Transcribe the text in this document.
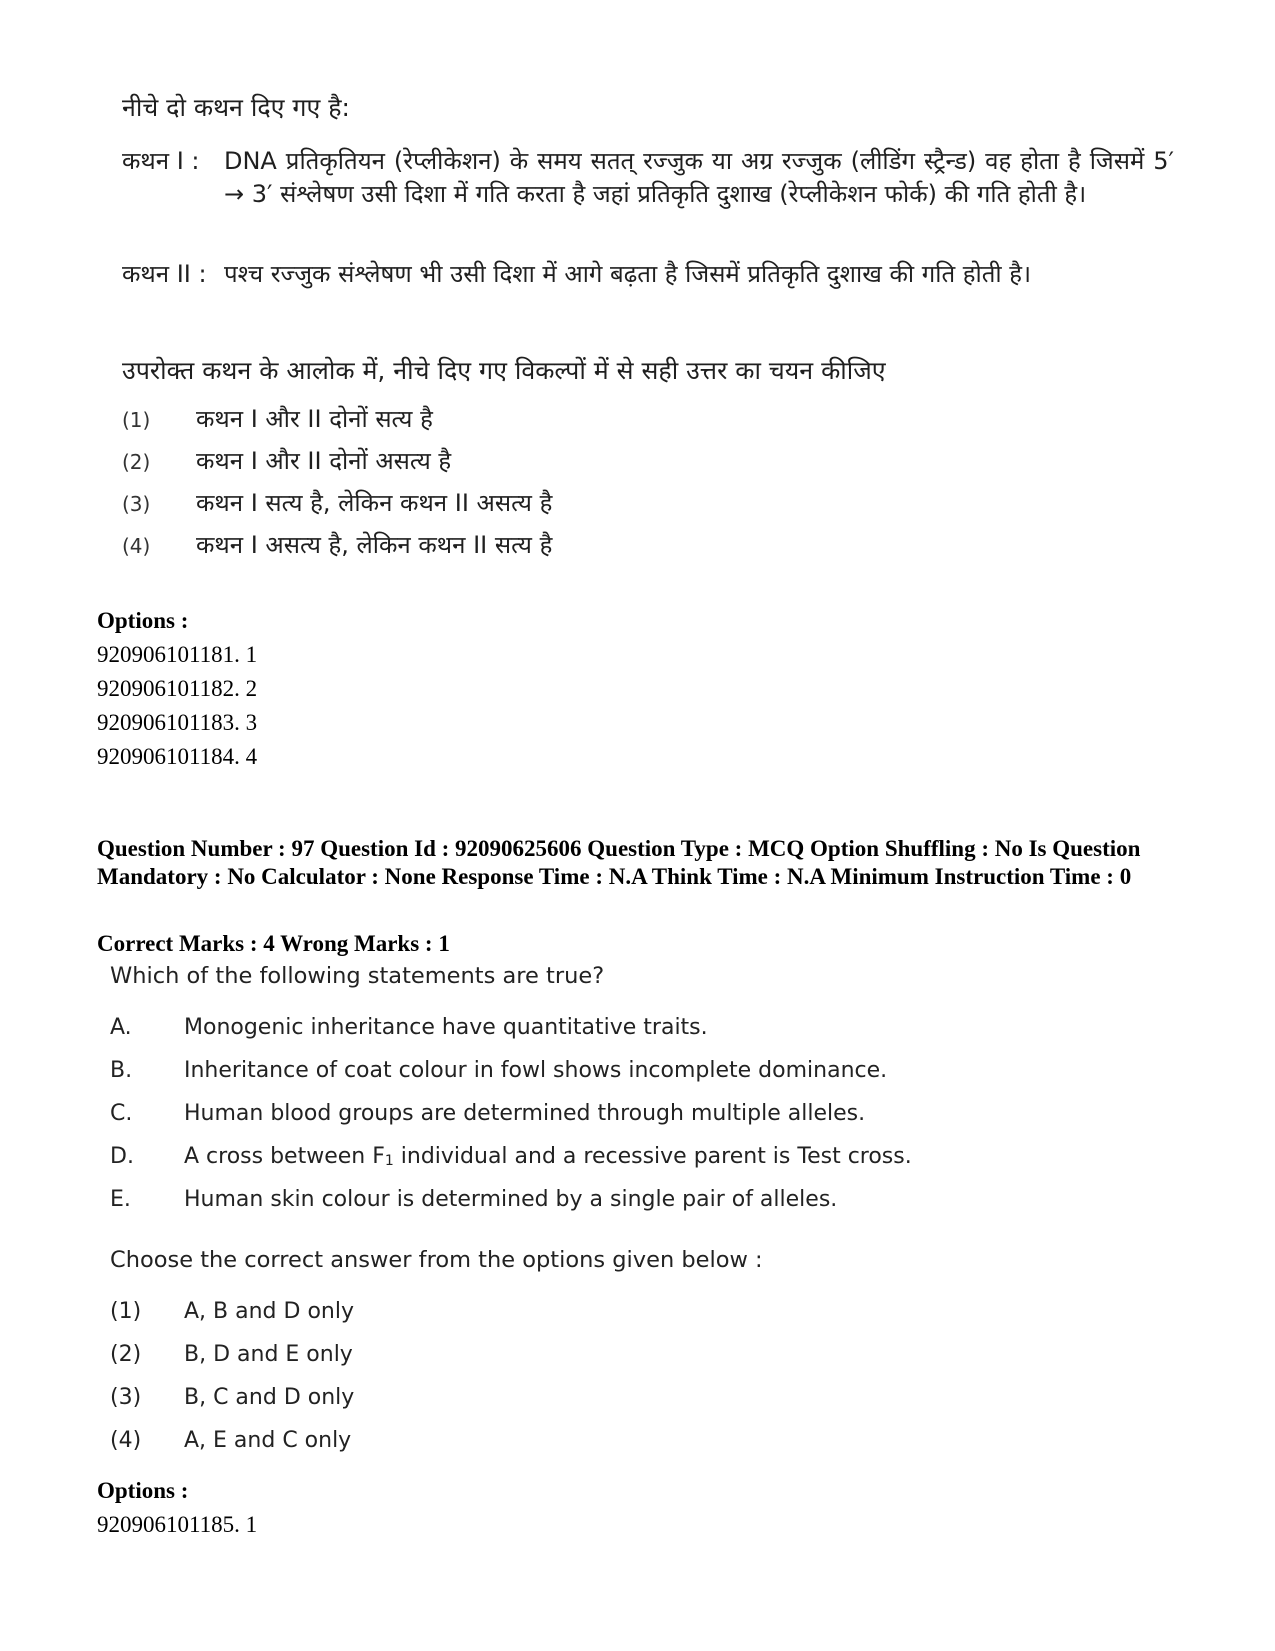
नीचे दो कथन दिए गए है:
कथन I : DNA प्रतिकृतियन (रेप्लीकेशन) के समय सतत् रज्जुक या अग्र रज्जुक (लीडिंग स्ट्रैन्ड) वह होता है जिसमें 5′ → 3′ संश्लेषण उसी दिशा में गति करता है जहां प्रतिकृति दुशाख (रेप्लीकेशन फोर्क) की गति होती है।
कथन II : पश्च रज्जुक संश्लेषण भी उसी दिशा में आगे बढ़ता है जिसमें प्रतिकृति दुशाख की गति होती है।
उपरोक्त कथन के आलोक में, नीचे दिए गए विकल्पों में से सही उत्तर का चयन कीजिए
(1) कथन I और II दोनों सत्य है
(2) कथन I और II दोनों असत्य है
(3) कथन I सत्य है, लेकिन कथन II असत्य है
(4) कथन I असत्य है, लेकिन कथन II सत्य है
Options :
920906101181. 1
920906101182. 2
920906101183. 3
920906101184. 4
Question Number : 97 Question Id : 92090625606 Question Type : MCQ Option Shuffling : No Is Question Mandatory : No Calculator : None Response Time : N.A Think Time : N.A Minimum Instruction Time : 0
Correct Marks : 4 Wrong Marks : 1
Which of the following statements are true?
A. Monogenic inheritance have quantitative traits.
B. Inheritance of coat colour in fowl shows incomplete dominance.
C. Human blood groups are determined through multiple alleles.
D. A cross between $F_1$ individual and a recessive parent is Test cross.
E. Human skin colour is determined by a single pair of alleles.
Choose the correct answer from the options given below :
(1) A, B and D only
(2) B, D and E only
(3) B, C and D only
(4) A, E and C only
Options :
920906101185. 1
